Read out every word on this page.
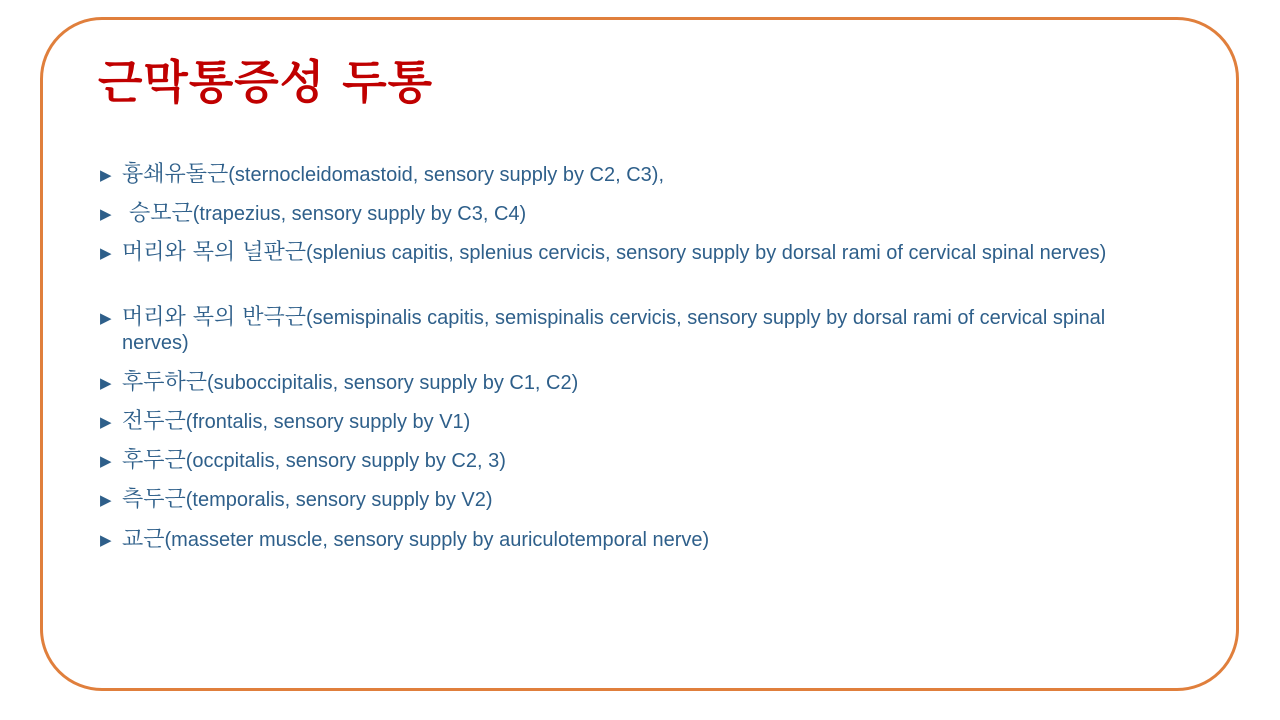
근막통증성 두통
▶ 흉쇄유돌근(sternocleidomastoid, sensory supply by C2, C3),
▶ 승모근(trapezius, sensory supply by C3, C4)
▶ 머리와 목의 널판근(splenius capitis, splenius cervicis, sensory supply by dorsal rami of cervical spinal nerves)
▶ 머리와 목의 반극근(semispinalis capitis, semispinalis cervicis, sensory supply by dorsal rami of cervical spinal nerves)
▶ 후두하근(suboccipitalis, sensory supply by C1, C2)
▶ 전두근(frontalis, sensory supply by V1)
▶ 후두근(occpitalis, sensory supply by C2, 3)
▶ 측두근(temporalis, sensory supply by V2)
▶ 교근(masseter muscle, sensory supply by auriculotemporal nerve)
